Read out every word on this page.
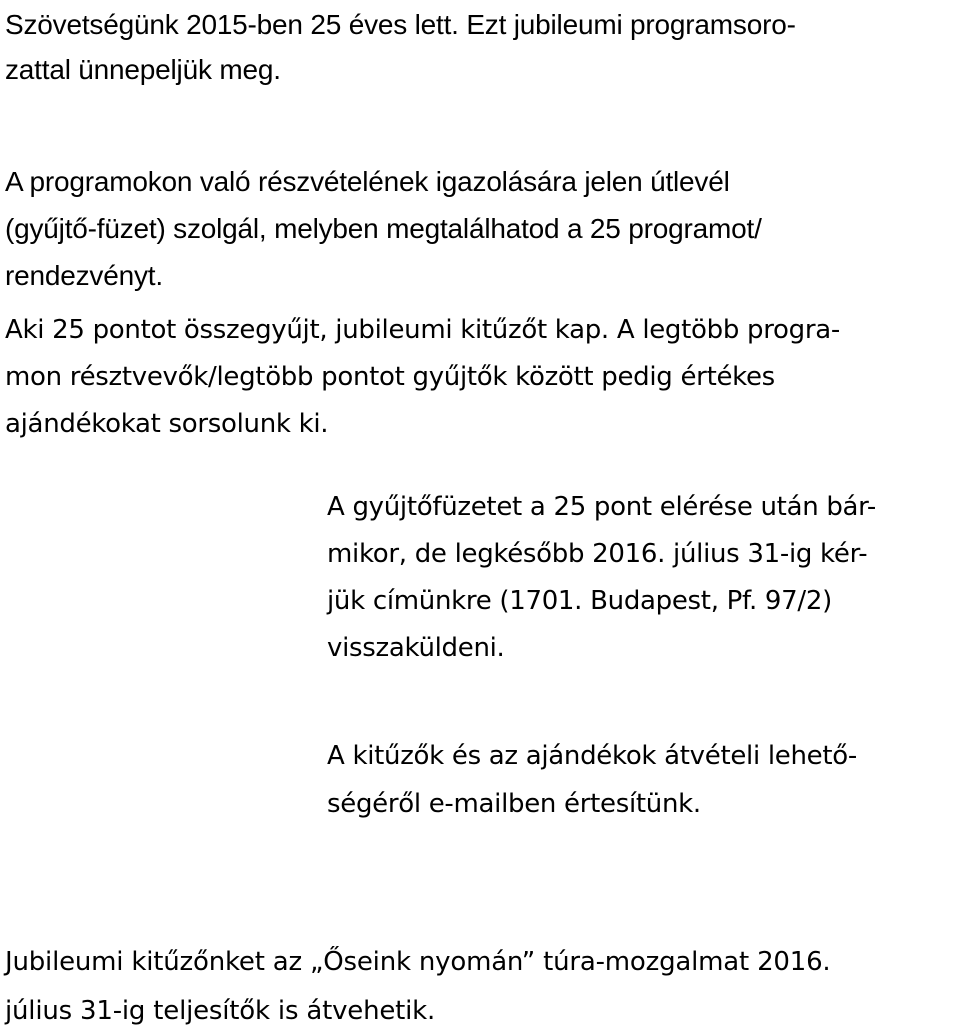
Szövetségünk 2015-ben 25 éves lett. Ezt jubileumi programsoro-
zattal ünnepeljük meg.

A programokon való részvételének igazolására jelen útlevél
(gyűjtő-füzet) szolgál, melyben megtalálhatod a 25 programot/
rendezvényt.

Aki 25 pontot összegyűjt, jubileumi kitűzőt kap. A legtöbb progra-
mon résztvevők/legtöbb pontot gyűjtők között pedig értékes
ajándékokat sorsolunk ki.

A gyűjtőfüzetet a 25 pont elérése után bár-
mikor, de legkésőbb 2016. július 31-ig kér-
jük címünkre (1701. Budapest, Pf. 97/2)
visszaküldeni.

A kitűzők és az ajándékok átvételi lehető-
ségéről e-mailben értesítünk.

Jubileumi kitűzőnket az „Őseink nyomán” túra-mozgalmat 2016.
július 31-ig teljesítők is átvehetik.
